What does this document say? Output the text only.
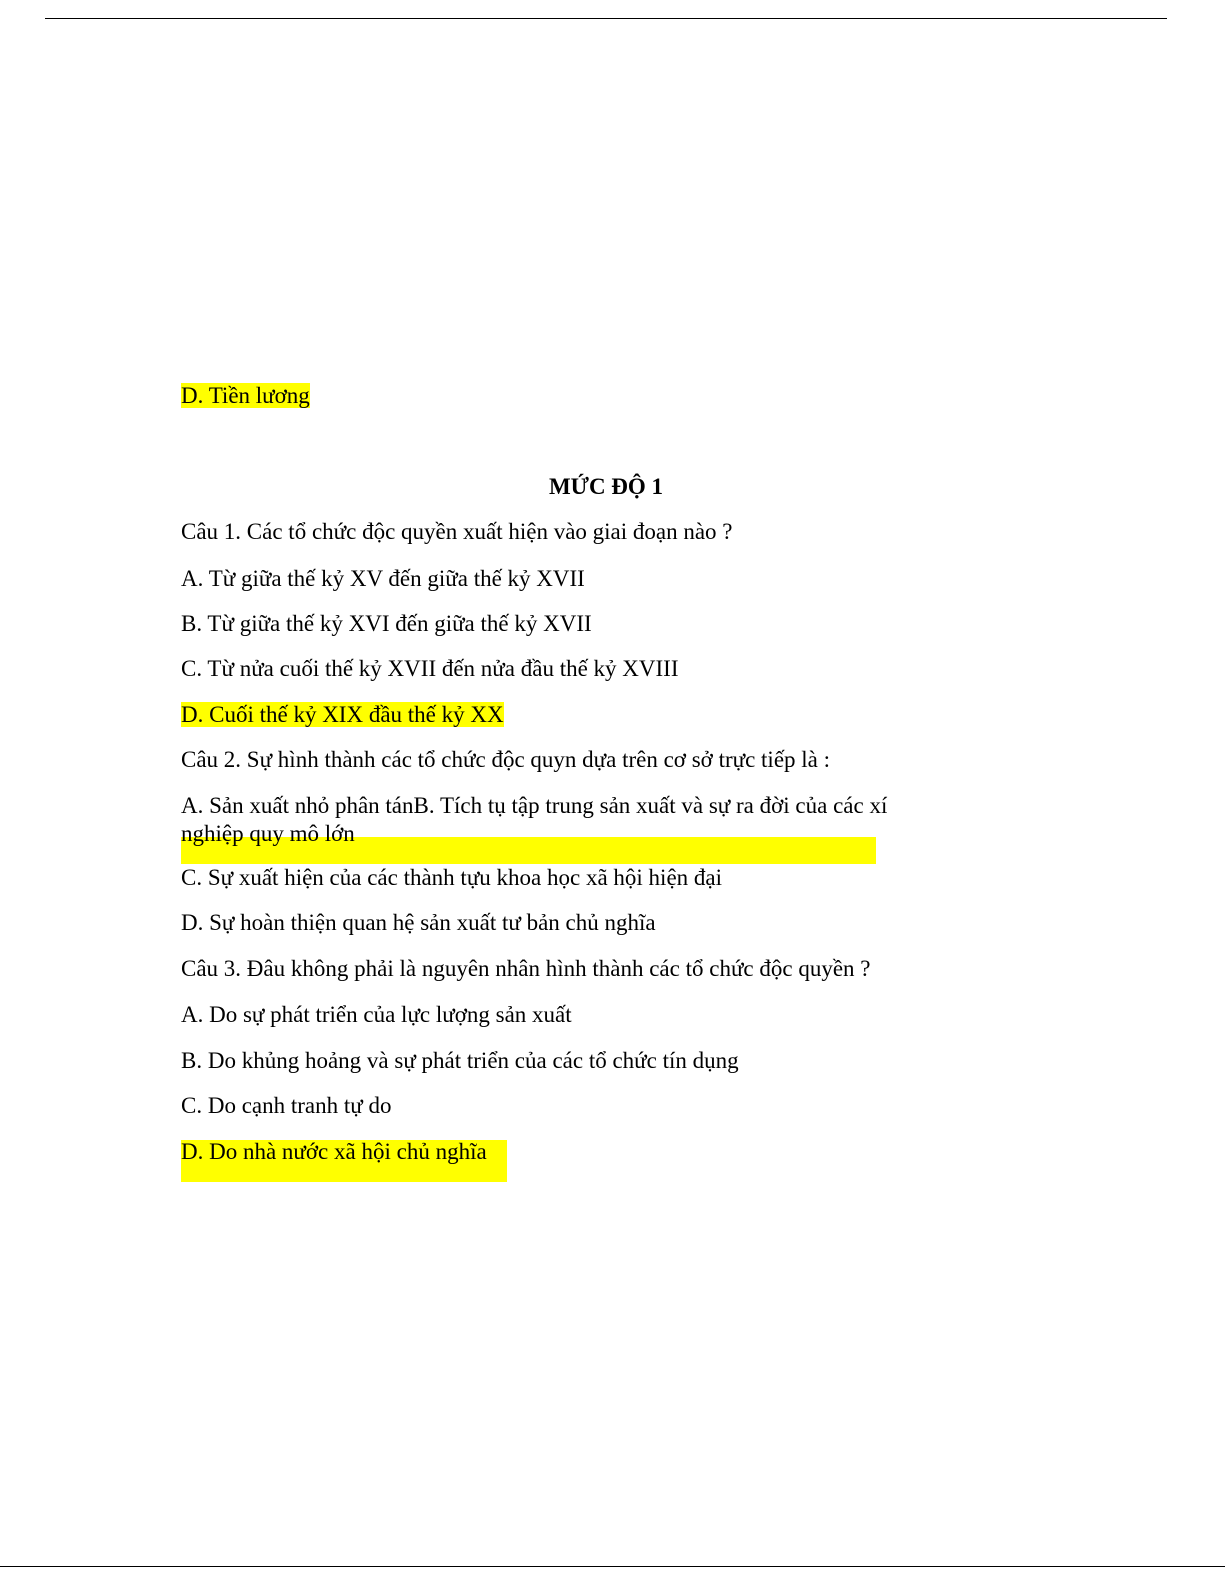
D. Tiền lương
MỨC ĐỘ 1
Câu 1. Các tổ chức độc quyền xuất hiện vào giai đoạn nào ?
A. Từ giữa thế kỷ XV đến giữa thế kỷ XVII
B. Từ giữa thế kỷ XVI đến giữa thế kỷ XVII
C. Từ nửa cuối thế kỷ XVII đến nửa đầu thế kỷ XVIII
D. Cuối thế kỷ XIX đầu thế kỷ XX
Câu 2. Sự hình thành các tổ chức độc quyn dựa trên cơ sở trực tiếp là :
A. Sản xuất nhỏ phân tánB. Tích tụ tập trung sản xuất và sự ra đời của các xí nghiệp quy mô lớn
C. Sự xuất hiện của các thành tựu khoa học xã hội hiện đại
D. Sự hoàn thiện quan hệ sản xuất tư bản chủ nghĩa
Câu 3. Đâu không phải là nguyên nhân hình thành các tổ chức độc quyền ?
A. Do sự phát triển của lực lượng sản xuất
B. Do khủng hoảng và sự phát triển của các tổ chức tín dụng
C. Do cạnh tranh tự do
D. Do nhà nước xã hội chủ nghĩa
